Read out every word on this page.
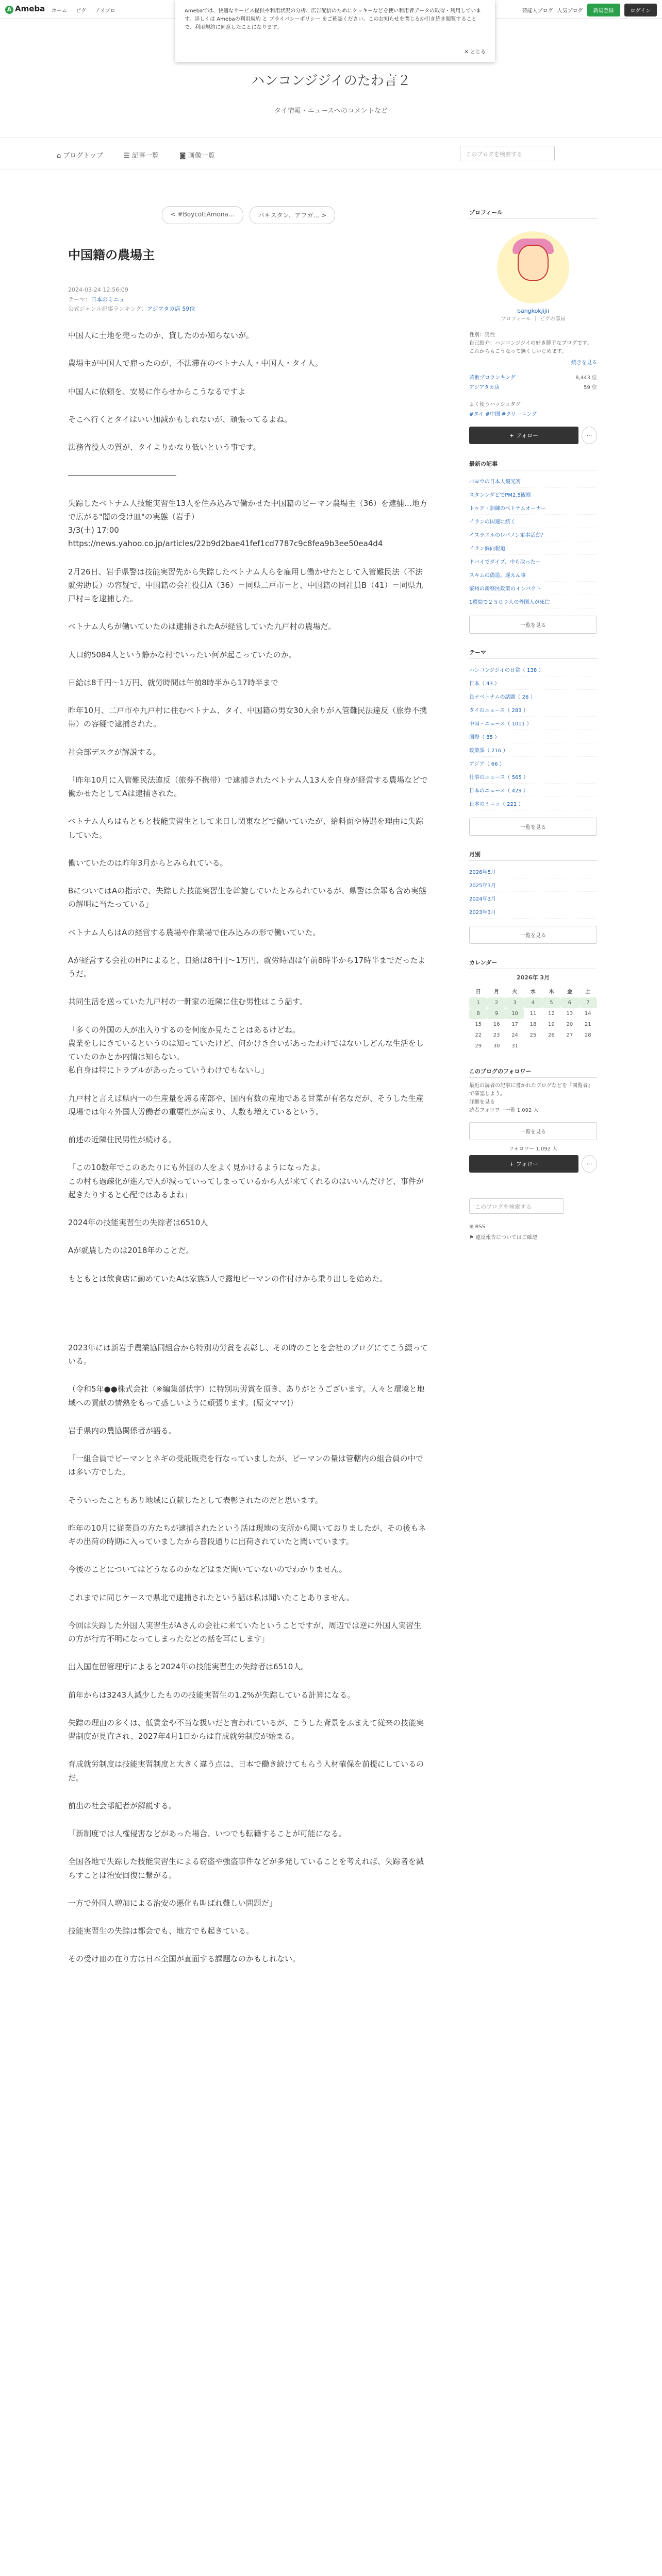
A Ameba ホーム ピグ アメブロ	芸能人ブログ 人気ブログ	新規登録	ログイン
Amebaでは、快適なサービス提供や利用状況の分析、広告配信のためにクッキーなどを使い利用者データの取得・利用しています。詳しくは Amebaの利用規約 と プライバシーポリシー をご確認ください。このお知らせを閉じるか引き続き閲覧することで、利用規約に同意したことになります。
✕ とじる
ハンコンジジイのたわ言２
タイ情報・ニュースへのコメントなど
⌂ ブログトップ	☰ 記事一覧	◙ 画像一覧	このブログを検索する
< #BoycottAmona…	パキスタン、アフガ… >
中国籍の農場主
2024-03-24 12:56:09
テーマ：日本のミニュ
公式ジャンル記事ランキング：アジアタカ店 59位

中国人に土地を売ったのか、貸したのか知らないが。

農場主が中国人で雇ったのが、不法滞在のベトナム人・中国人・タイ人。

中国人に依頼を、安易に作らせからこうなるですよ

そこへ行くとタイはいい加減かもしれないが、頑張ってるよね。

法務省役人の質が、タイよりかなり低いという事です。

――――――――――――――

失踪したベトナム人技能実習生13人を住み込みで働かせた中国籍のピーマン農場主（36）を逮捕…地方で広がる"闇の受け皿"の実態（岩手）
3/3(土) 17:00
https://news.yahoo.co.jp/articles/22b9d2bae41fef1cd7787c9c8fea9b3ee50ea4d4

2月26日、岩手県警は技能実習先から失踪したベトナム人らを雇用し働かせたとして入管難民法（不法就労助長）の容疑で、中国籍の会社役員A（36）＝同県二戸市＝と、中国籍の同社員B（41）＝同県九戸村＝を逮捕した。

ベトナム人らが働いていたのは逮捕されたAが経営していた九戸村の農場だ。

人口約5084人という静かな村でいったい何が起こっていたのか。

日給は8千円〜1万円、就労時間は午前8時半から17時半まで

昨年10月、二戸市や九戸村に住むベトナム、タイ、中国籍の男女30人余りが入管難民法違反（旅券不携帯）の容疑で逮捕された。

社会部デスクが解説する。

「昨年10月に入管難民法違反（旅券不携帯）で逮捕されたベトナム人13人を自身が経営する農場などで働かせたとしてAは逮捕された。

ベトナム人らはもともと技能実習生として来日し関東などで働いていたが、給料面や待遇を理由に失踪していた。

働いていたのは昨年3月からとみられている。

BについてはAの指示で、失踪した技能実習生を斡旋していたとみられているが、県警は余罪も含め実態の解明に当たっている」

ベトナム人らはAの経営する農場や作業場で住み込みの形で働いていた。

Aが経営する会社のHPによると、日給は8千円〜1万円、就労時間は午前8時半から17時半までだったようだ。

共同生活を送っていた九戸村の一軒家の近隣に住む男性はこう話す。

「多くの外国の人が出入りするのを何度か見たことはあるけどね。
農業をしにきているというのは知っていたけど、何かけき合いがあったわけではないしどんな生活をしていたのかとか内情は知らない。
私自身は特にトラブルがあったっていうわけでもないし」

九戸村と言えば県内一の生産量を誇る南部や、国内有数の産地である甘菜が有名なだが、そうした生産現場では年々外国人労働者の重要性が高まり、人数も増えているという。

前述の近隣住民男性が続ける。

「この10数年でこのあたりにも外国の人をよく見かけるようになったよ。
この村も過疎化が進んで人が減っていってしまっているから人が来てくれるのはいいんだけど、事件が起きたりすると心配ではあるよね」

2024年の技能実習生の失踪者は6510人

Aが就農したのは2018年のことだ。

もともとは飲食店に勤めていたAは家族5人で露地ピーマンの作付けから乗り出しを始めた。

2023年には新岩手農業協同組合から特別功労賞を表彰し、その時のことを会社のブログにてこう綴っている。

（令和5年●●株式会社（※編集部伏字）に特別功労賞を頂き、ありがとうございます。人々と環境と地域への貢献の情熱をもって惑しいように頑張ります。(原文ママ)）

岩手県内の農協関係者が語る。

「一組合員でピーマンとネギの受託販売を行なっていましたが、ピーマンの量は管轄内の組合員の中では多い方でした。

そういったこともあり地域に貢献したとして表彰されたのだと思います。

昨年の10月に従業員の方たちが逮捕されたという話は現地の支所から聞いておりましたが、その後もネギの出荷の時期に入っていましたから普段通りに出荷されていたと聞いています。

今後のことについてはどうなるのかなどはまだ聞いていないのでわかりません。

これまでに同じケースで県北で逮捕されたという話は私は聞いたことありません。

今回は失踪した外国人実習生がAさんの会社に来ていたということですが、周辺では逆に外国人実習生の方が行方不明になってしまったなどの話を耳にします」

出入国在留管理庁によると2024年の技能実習生の失踪者は6510人。

前年からは3243人減少したものの技能実習生の1.2%が失踪している計算になる。

失踪の理由の多くは、低賃金や不当な扱いだと言われているが、こうした背景をふまえて従来の技能実習制度が見直され、2027年4月1日からは育成就労制度が始まる。

育成就労制度は技能実習制度と大きく違う点は、日本で働き続けてもらう人材確保を前提にしているのだ。

前出の社会部記者が解説する。

「新制度では人権侵害などがあった場合、いつでも転籍することが可能になる。

全国各地で失踪した技能実習生による窃盗や強盗事件などが多発していることを考えれば、失踪者を減らすことは治安回復に繋がる。

一方で外国人増加による治安の悪化も叫ばれ難しい問題だ」

技能実習生の失踪は都会でも、地方でも起きている。

その受け皿の在り方は日本全国が直面する課題なのかもしれない。

プロフィール
bangkokjijii
プロフィール ｜ ピグの部屋
性別：男性
自己紹介：ハンコンジジイの好き勝手なブログです。これからもこうなって無くしいじめます。
続きを見る
芸術プロランキング	8,443 位
アジアタカ店	59 位
よく使うハッシュタグ
#タイ #中国 #クリーニング
+ フォロー	…
最新の記事
バヨウの日本人観光客
スタンンダビでPM2.5観察
トゥク・訓練のベトナムオーナー
イランの国連に続く
イスラエルのレバノン軍事活動？
イラン偏向報道
ドバイでダイブ、中ら取ったー
スキムの偽造、遅えん事
豪州の新移民政策のインパクト
1週間で２５０９人の外国人が死亡
一覧を見る
テーマ
ハンコンジジイの日常（ 138 ）
日本（ 43 ）
長ナベトナムの話題（ 26 ）
タイのニュース（ 283 ）
中国・ニュース（ 1011 ）
国際（ 85 ）
政策課（ 216 ）
アジア（ 66 ）
仕事のニュース（ 565 ）
日本のニュース（ 429 ）
日本のミニュ（ 221 ）
一覧を見る
月別
2026年5月
2025年3月
2024年3月
2023年3月
一覧を見る
カレンダー
2026年 3月
日	月	火	水	木	金	土
1	2	3	4	5	6	7
8	9	10	11	12	13	14
15	16	17	18	19	20	21
22	23	24	25	26	27	28
29	30	31				
このブログのフォロワー
最近の読者の記事に書かれたブログなどを『閲覧者』で確認しよう。
詳細を見る
読者フォロワー一覧 1,092 人
一覧を見る
フォロワー 1,092 人
+ フォロー	…
このブログを検索する
⊞ RSS
⚑ 違反報告についてはご確認
